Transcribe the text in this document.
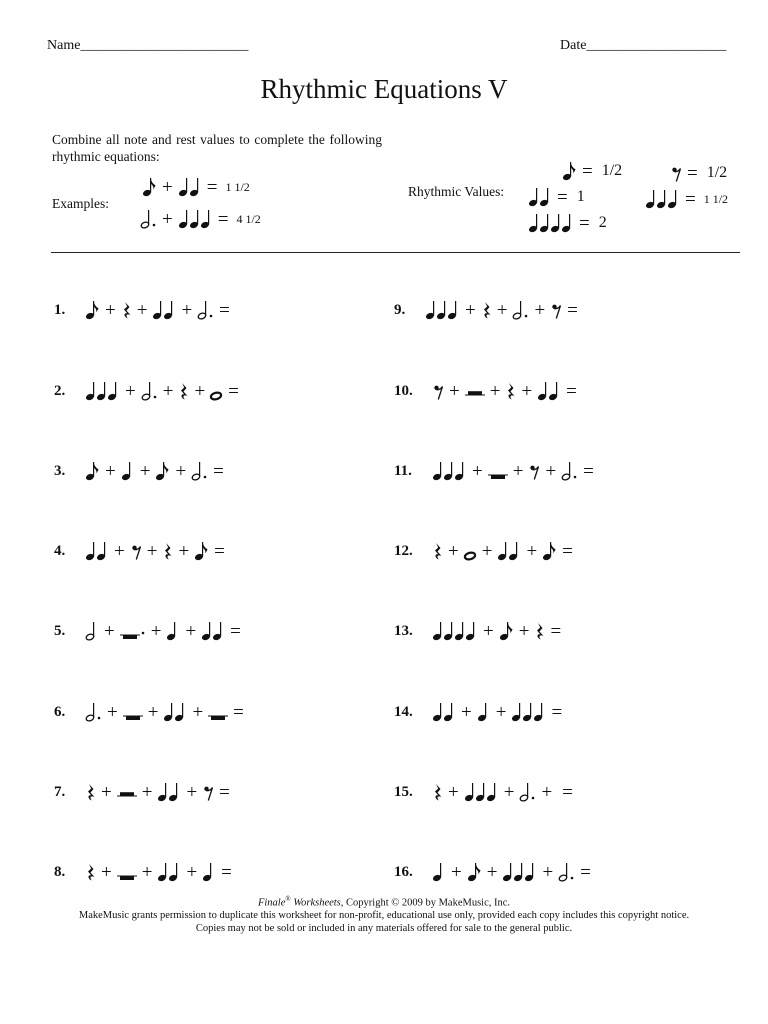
Name________________________	Date____________________
Rhythmic Equations V
Combine all note and rest values to complete the following rhythmic equations:
Examples:
+ = 1 1/2
+ = 4 1/2
Rhythmic Values:
= 1/2	= 1/2
= 1	= 1 1/2
= 2
1.	+ + + =
2.	+ + + =
3.	+ + + =
4.	+ + + =
5.	+ + + =
6.	+ + + =
7.	+ + + =
8.	+ + + =
9.	+ + + =
10.	+ + + =
11.	+ + + =
12.	+ + + =
13.	+ + =
14.	+ + =
15.	+ + + =
16.	+ + + =
Finale® Worksheets, Copyright © 2009 by MakeMusic, Inc.
MakeMusic grants permission to duplicate this worksheet for non-profit, educational use only, provided each copy includes this copyright notice.
Copies may not be sold or included in any materials offered for sale to the general public.
